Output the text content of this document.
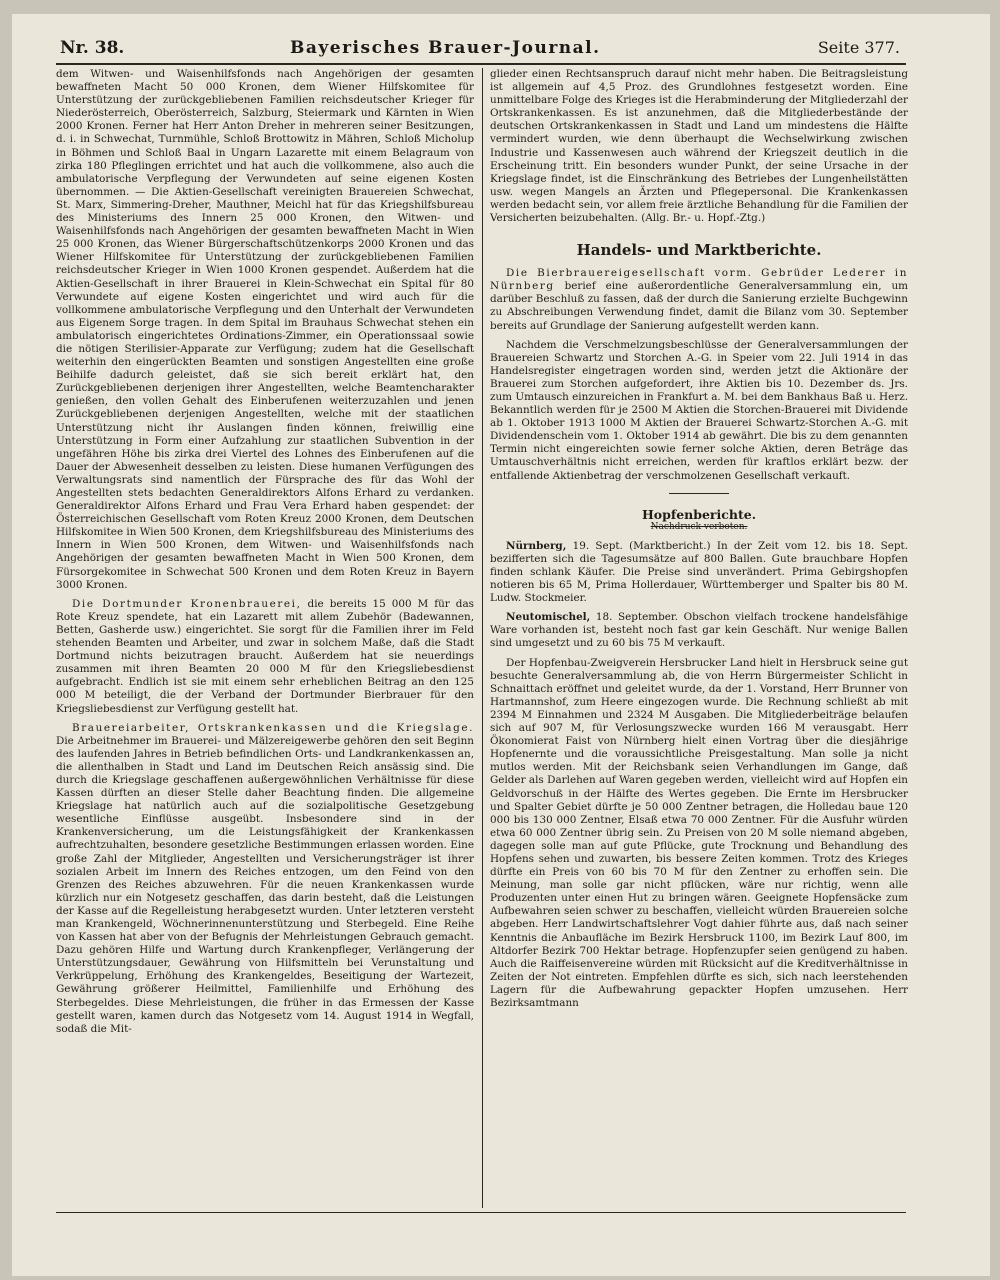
Nr. 38.	Bayerisches Brauer-Journal.	Seite 377.

dem Witwen- und Waisenhilfsfonds nach Angehörigen der gesamten bewaffneten Macht 50 000 Kronen, dem Wiener Hilfskomitee für Unterstützung der zurückgebliebenen Familien reichsdeutscher Krieger für Niederösterreich, Oberösterreich, Salzburg, Steiermark und Kärnten in Wien 2000 Kronen. Ferner hat Herr Anton Dreher in mehreren seiner Besitzungen, d. i. in Schwechat, Turnmühle, Schloß Brottowitz in Mähren, Schloß Micholup in Böhmen und Schloß Baal in Ungarn Lazarette mit einem Belagraum von zirka 180 Pfleglingen errichtet und hat auch die vollkommene, also auch die ambulatorische Verpflegung der Verwundeten auf seine eigenen Kosten übernommen. — Die Aktien-Gesellschaft vereinigten Brauereien Schwechat, St. Marx, Simmering-Dreher, Mauthner, Meichl hat für das Kriegshilfsbureau des Ministeriums des Innern 25 000 Kronen, den Witwen- und Waisenhilfsfonds nach Angehörigen der gesamten bewaffneten Macht in Wien 25 000 Kronen, das Wiener Bürgerschaftschützenkorps 2000 Kronen und das Wiener Hilfskomitee für Unterstützung der zurückgebliebenen Familien reichsdeutscher Krieger in Wien 1000 Kronen gespendet. Außerdem hat die Aktien-Gesellschaft in ihrer Brauerei in Klein-Schwechat ein Spital für 80 Verwundete auf eigene Kosten eingerichtet und wird auch für die vollkommene ambulatorische Verpflegung und den Unterhalt der Verwundeten aus Eigenem Sorge tragen. In dem Spital im Brauhaus Schwechat stehen ein ambulatorisch eingerichtetes Ordinations-Zimmer, ein Operationssaal sowie die nötigen Sterilisier-Apparate zur Verfügung; zudem hat die Gesellschaft weiterhin den eingerückten Beamten und sonstigen Angestellten eine große Beihilfe dadurch geleistet, daß sie sich bereit erklärt hat, den Zurückgebliebenen derjenigen ihrer Angestellten, welche Beamtencharakter genießen, den vollen Gehalt des Einberufenen weiterzuzahlen und jenen Zurückgebliebenen derjenigen Angestellten, welche mit der staatlichen Unterstützung nicht ihr Auslangen finden können, freiwillig eine Unterstützung in Form einer Aufzahlung zur staatlichen Subvention in der ungefähren Höhe bis zirka drei Viertel des Lohnes des Einberufenen auf die Dauer der Abwesenheit desselben zu leisten. Diese humanen Verfügungen des Verwaltungsrats sind namentlich der Fürsprache des für das Wohl der Angestellten stets bedachten Generaldirektors Alfons Erhard zu verdanken. Generaldirektor Alfons Erhard und Frau Vera Erhard haben gespendet: der Österreichischen Gesellschaft vom Roten Kreuz 2000 Kronen, dem Deutschen Hilfskomitee in Wien 500 Kronen, dem Kriegshilfsbureau des Ministeriums des Innern in Wien 500 Kronen, dem Witwen- und Waisenhilfsfonds nach Angehörigen der gesamten bewaffneten Macht in Wien 500 Kronen, dem Fürsorgekomitee in Schwechat 500 Kronen und dem Roten Kreuz in Bayern 3000 Kronen.

Die Dortmunder Kronenbrauerei, die bereits 15 000 M für das Rote Kreuz spendete, hat ein Lazarett mit allem Zubehör (Badewannen, Betten, Gasherde usw.) eingerichtet. Sie sorgt für die Familien ihrer im Feld stehenden Beamten und Arbeiter, und zwar in solchem Maße, daß die Stadt Dortmund nichts beizutragen braucht. Außerdem hat sie neuerdings zusammen mit ihren Beamten 20 000 M für den Kriegsliebesdienst aufgebracht. Endlich ist sie mit einem sehr erheblichen Beitrag an den 125 000 M beteiligt, die der Verband der Dortmunder Bierbrauer für den Kriegsliebesdienst zur Verfügung gestellt hat.

Brauereiarbeiter, Ortskrankenkassen und die Kriegslage. Die Arbeitnehmer im Brauerei- und Mälzereigewerbe gehören den seit Beginn des laufenden Jahres in Betrieb befindlichen Orts- und Landkrankenkassen an, die allenthalben in Stadt und Land im Deutschen Reich ansässig sind. Die durch die Kriegslage geschaffenen außergewöhnlichen Verhältnisse für diese Kassen dürften an dieser Stelle daher Beachtung finden. Die allgemeine Kriegslage hat natürlich auch auf die sozialpolitische Gesetzgebung wesentliche Einflüsse ausgeübt. Insbesondere sind in der Krankenversicherung, um die Leistungsfähigkeit der Krankenkassen aufrechtzuhalten, besondere gesetzliche Bestimmungen erlassen worden. Eine große Zahl der Mitglieder, Angestellten und Versicherungsträger ist ihrer sozialen Arbeit im Innern des Reiches entzogen, um den Feind von den Grenzen des Reiches abzuwehren. Für die neuen Krankenkassen wurde kürzlich nur ein Notgesetz geschaffen, das darin besteht, daß die Leistungen der Kasse auf die Regelleistung herabgesetzt wurden. Unter letzteren versteht man Krankengeld, Wöchnerinnenunterstützung und Sterbegeld. Eine Reihe von Kassen hat aber von der Befugnis der Mehrleistungen Gebrauch gemacht. Dazu gehören Hilfe und Wartung durch Krankenpfleger, Verlängerung der Unterstützungsdauer, Gewährung von Hilfsmitteln bei Verunstaltung und Verkrüppelung, Erhöhung des Krankengeldes, Beseitigung der Wartezeit, Gewährung größerer Heilmittel, Familienhilfe und Erhöhung des Sterbegeldes. Diese Mehrleistungen, die früher in das Ermessen der Kasse gestellt waren, kamen durch das Notgesetz vom 14. August 1914 in Wegfall, sodaß die Mit-

glieder einen Rechtsanspruch darauf nicht mehr haben. Die Beitragsleistung ist allgemein auf 4,5 Proz. des Grundlohnes festgesetzt worden. Eine unmittelbare Folge des Krieges ist die Herabminderung der Mitgliederzahl der Ortskrankenkassen. Es ist anzunehmen, daß die Mitgliederbestände der deutschen Ortskrankenkassen in Stadt und Land um mindestens die Hälfte vermindert wurden, wie denn überhaupt die Wechselwirkung zwischen Industrie und Kassenwesen auch während der Kriegszeit deutlich in die Erscheinung tritt. Ein besonders wunder Punkt, der seine Ursache in der Kriegslage findet, ist die Einschränkung des Betriebes der Lungenheilstätten usw. wegen Mangels an Ärzten und Pflegepersonal. Die Krankenkassen werden bedacht sein, vor allem freie ärztliche Behandlung für die Familien der Versicherten beizubehalten. (Allg. Br.- u. Hopf.-Ztg.)

Handels- und Marktberichte.

Die Bierbrauereigesellschaft vorm. Gebrüder Lederer in Nürnberg berief eine außerordentliche Generalversammlung ein, um darüber Beschluß zu fassen, daß der durch die Sanierung erzielte Buchgewinn zu Abschreibungen Verwendung findet, damit die Bilanz vom 30. September bereits auf Grundlage der Sanierung aufgestellt werden kann.

Nachdem die Verschmelzungsbeschlüsse der Generalversammlungen der Brauereien Schwartz und Storchen A.-G. in Speier vom 22. Juli 1914 in das Handelsregister eingetragen worden sind, werden jetzt die Aktionäre der Brauerei zum Storchen aufgefordert, ihre Aktien bis 10. Dezember ds. Jrs. zum Umtausch einzureichen in Frankfurt a. M. bei dem Bankhaus Baß u. Herz. Bekanntlich werden für je 2500 M Aktien die Storchen-Brauerei mit Dividende ab 1. Oktober 1913 1000 M Aktien der Brauerei Schwartz-Storchen A.-G. mit Dividendenschein vom 1. Oktober 1914 ab gewährt. Die bis zu dem genannten Termin nicht eingereichten sowie ferner solche Aktien, deren Beträge das Umtauschverhältnis nicht erreichen, werden für kraftlos erklärt bezw. der entfallende Aktienbetrag der verschmolzenen Gesellschaft verkauft.

Hopfenberichte.
Nachdruck verboten.

Nürnberg, 19. Sept. (Marktbericht.) In der Zeit vom 12. bis 18. Sept. bezifferten sich die Tagesumsätze auf 800 Ballen. Gute brauchbare Hopfen finden schlank Käufer. Die Preise sind unverändert. Prima Gebirgshopfen notieren bis 65 M, Prima Hollerdauer, Württemberger und Spalter bis 80 M. Ludw. Stockmeier.

Neutomischel, 18. September. Obschon vielfach trockene handelsfähige Ware vorhanden ist, besteht noch fast gar kein Geschäft. Nur wenige Ballen sind umgesetzt und zu 60 bis 75 M verkauft.

Der Hopfenbau-Zweigverein Hersbrucker Land hielt in Hersbruck seine gut besuchte Generalversammlung ab, die von Herrn Bürgermeister Schlicht in Schnaittach eröffnet und geleitet wurde, da der 1. Vorstand, Herr Brunner von Hartmannshof, zum Heere eingezogen wurde. Die Rechnung schließt ab mit 2394 M Einnahmen und 2324 M Ausgaben. Die Mitgliederbeiträge belaufen sich auf 907 M, für Verlosungszwecke wurden 166 M verausgabt. Herr Ökonomierat Faist von Nürnberg hielt einen Vortrag über die diesjährige Hopfenernte und die voraussichtliche Preisgestaltung. Man solle ja nicht mutlos werden. Mit der Reichsbank seien Verhandlungen im Gange, daß Gelder als Darlehen auf Waren gegeben werden, vielleicht wird auf Hopfen ein Geldvorschuß in der Hälfte des Wertes gegeben. Die Ernte im Hersbrucker und Spalter Gebiet dürfte je 50 000 Zentner betragen, die Holledau baue 120 000 bis 130 000 Zentner, Elsaß etwa 70 000 Zentner. Für die Ausfuhr würden etwa 60 000 Zentner übrig sein. Zu Preisen von 20 M solle niemand abgeben, dagegen solle man auf gute Pflücke, gute Trocknung und Behandlung des Hopfens sehen und zuwarten, bis bessere Zeiten kommen. Trotz des Krieges dürfte ein Preis von 60 bis 70 M für den Zentner zu erhoffen sein. Die Meinung, man solle gar nicht pflücken, wäre nur richtig, wenn alle Produzenten unter einen Hut zu bringen wären. Geeignete Hopfensäcke zum Aufbewahren seien schwer zu beschaffen, vielleicht würden Brauereien solche abgeben. Herr Landwirtschaftslehrer Vogt dahier führte aus, daß nach seiner Kenntnis die Anbaufläche im Bezirk Hersbruck 1100, im Bezirk Lauf 800, im Altdorfer Bezirk 700 Hektar betrage. Hopfenzupfer seien genügend zu haben. Auch die Raiffeisenvereine würden mit Rücksicht auf die Kreditverhältnisse in Zeiten der Not eintreten. Empfehlen dürfte es sich, sich nach leerstehenden Lagern für die Aufbewahrung gepackter Hopfen umzusehen. Herr Bezirksamtmann
